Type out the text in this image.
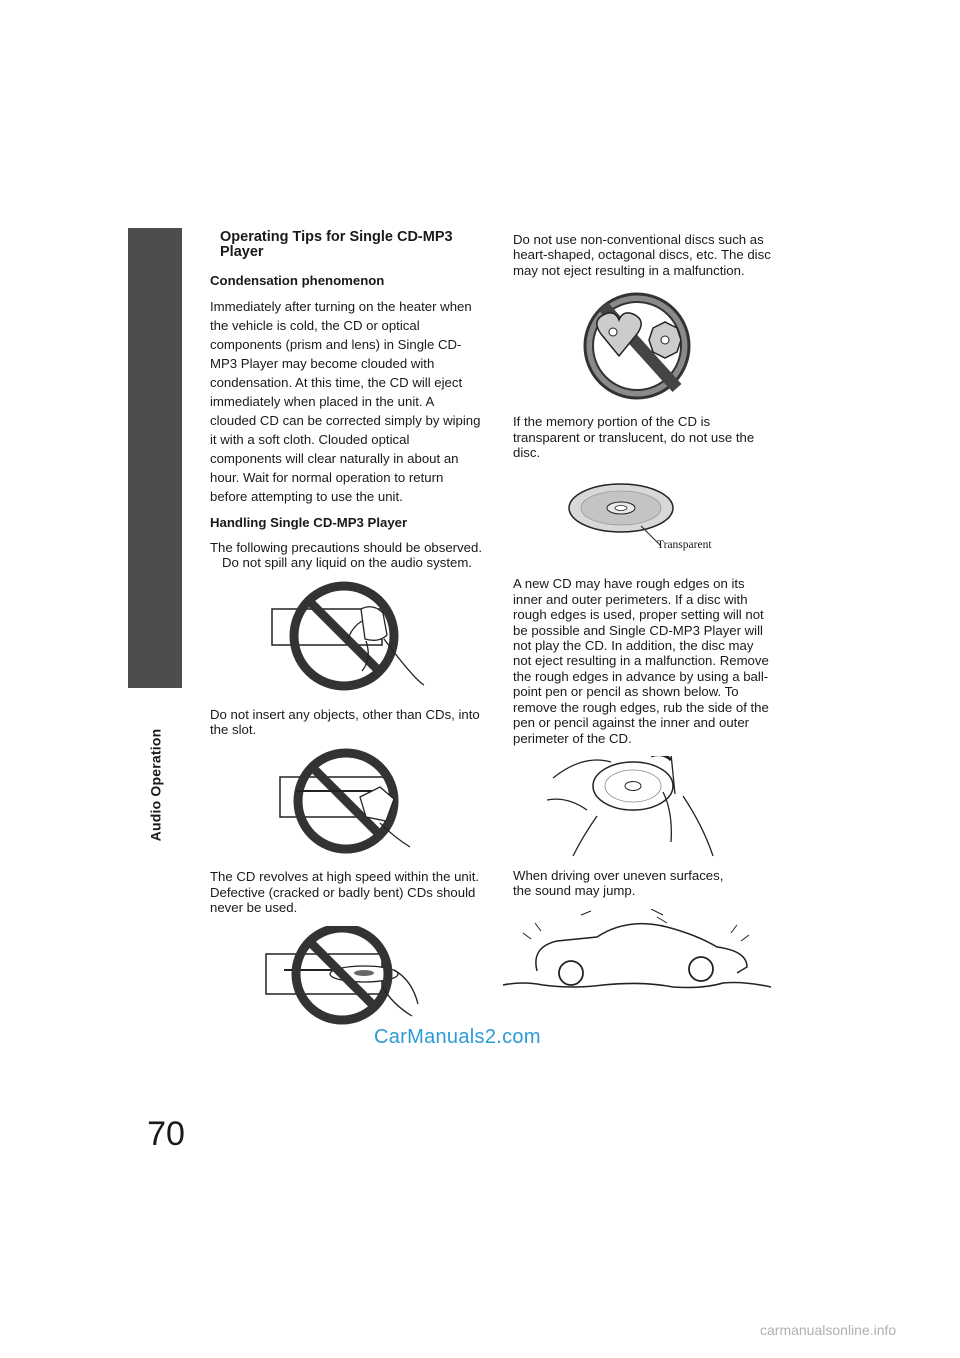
Audio Operation
70
Operating Tips for Single CD-MP3 Player
Condensation phenomenon

Immediately after turning on the heater when the vehicle is cold, the CD or optical components (prism and lens) in Single CD-MP3 Player may become clouded with condensation. At this time, the CD will eject immediately when placed in the unit. A clouded CD can be corrected simply by wiping it with a soft cloth. Clouded optical components will clear naturally in about an hour. Wait for normal operation to return before attempting to use the unit.

Handling Single CD-MP3 Player

The following precautions should be observed.

Do not spill any liquid on the audio system.

Do not insert any objects, other than CDs, into the slot.

The CD revolves at high speed within the unit. Defective (cracked or badly bent) CDs should never be used.

Do not use non-conventional discs such as heart-shaped, octagonal discs, etc. The disc may not eject resulting in a malfunction.

If the memory portion of the CD is transparent or translucent, do not use the disc.

Transparent

A new CD may have rough edges on its inner and outer perimeters. If a disc with rough edges is used, proper setting will not be possible and Single CD-MP3 Player will not play the CD. In addition, the disc may not eject resulting in a malfunction. Remove the rough edges in advance by using a ball-point pen or pencil as shown below. To remove the rough edges, rub the side of the pen or pencil against the inner and outer perimeter of the CD.

When driving over uneven surfaces, the sound may jump.

CarManuals2.com
carmanualsonline.info
